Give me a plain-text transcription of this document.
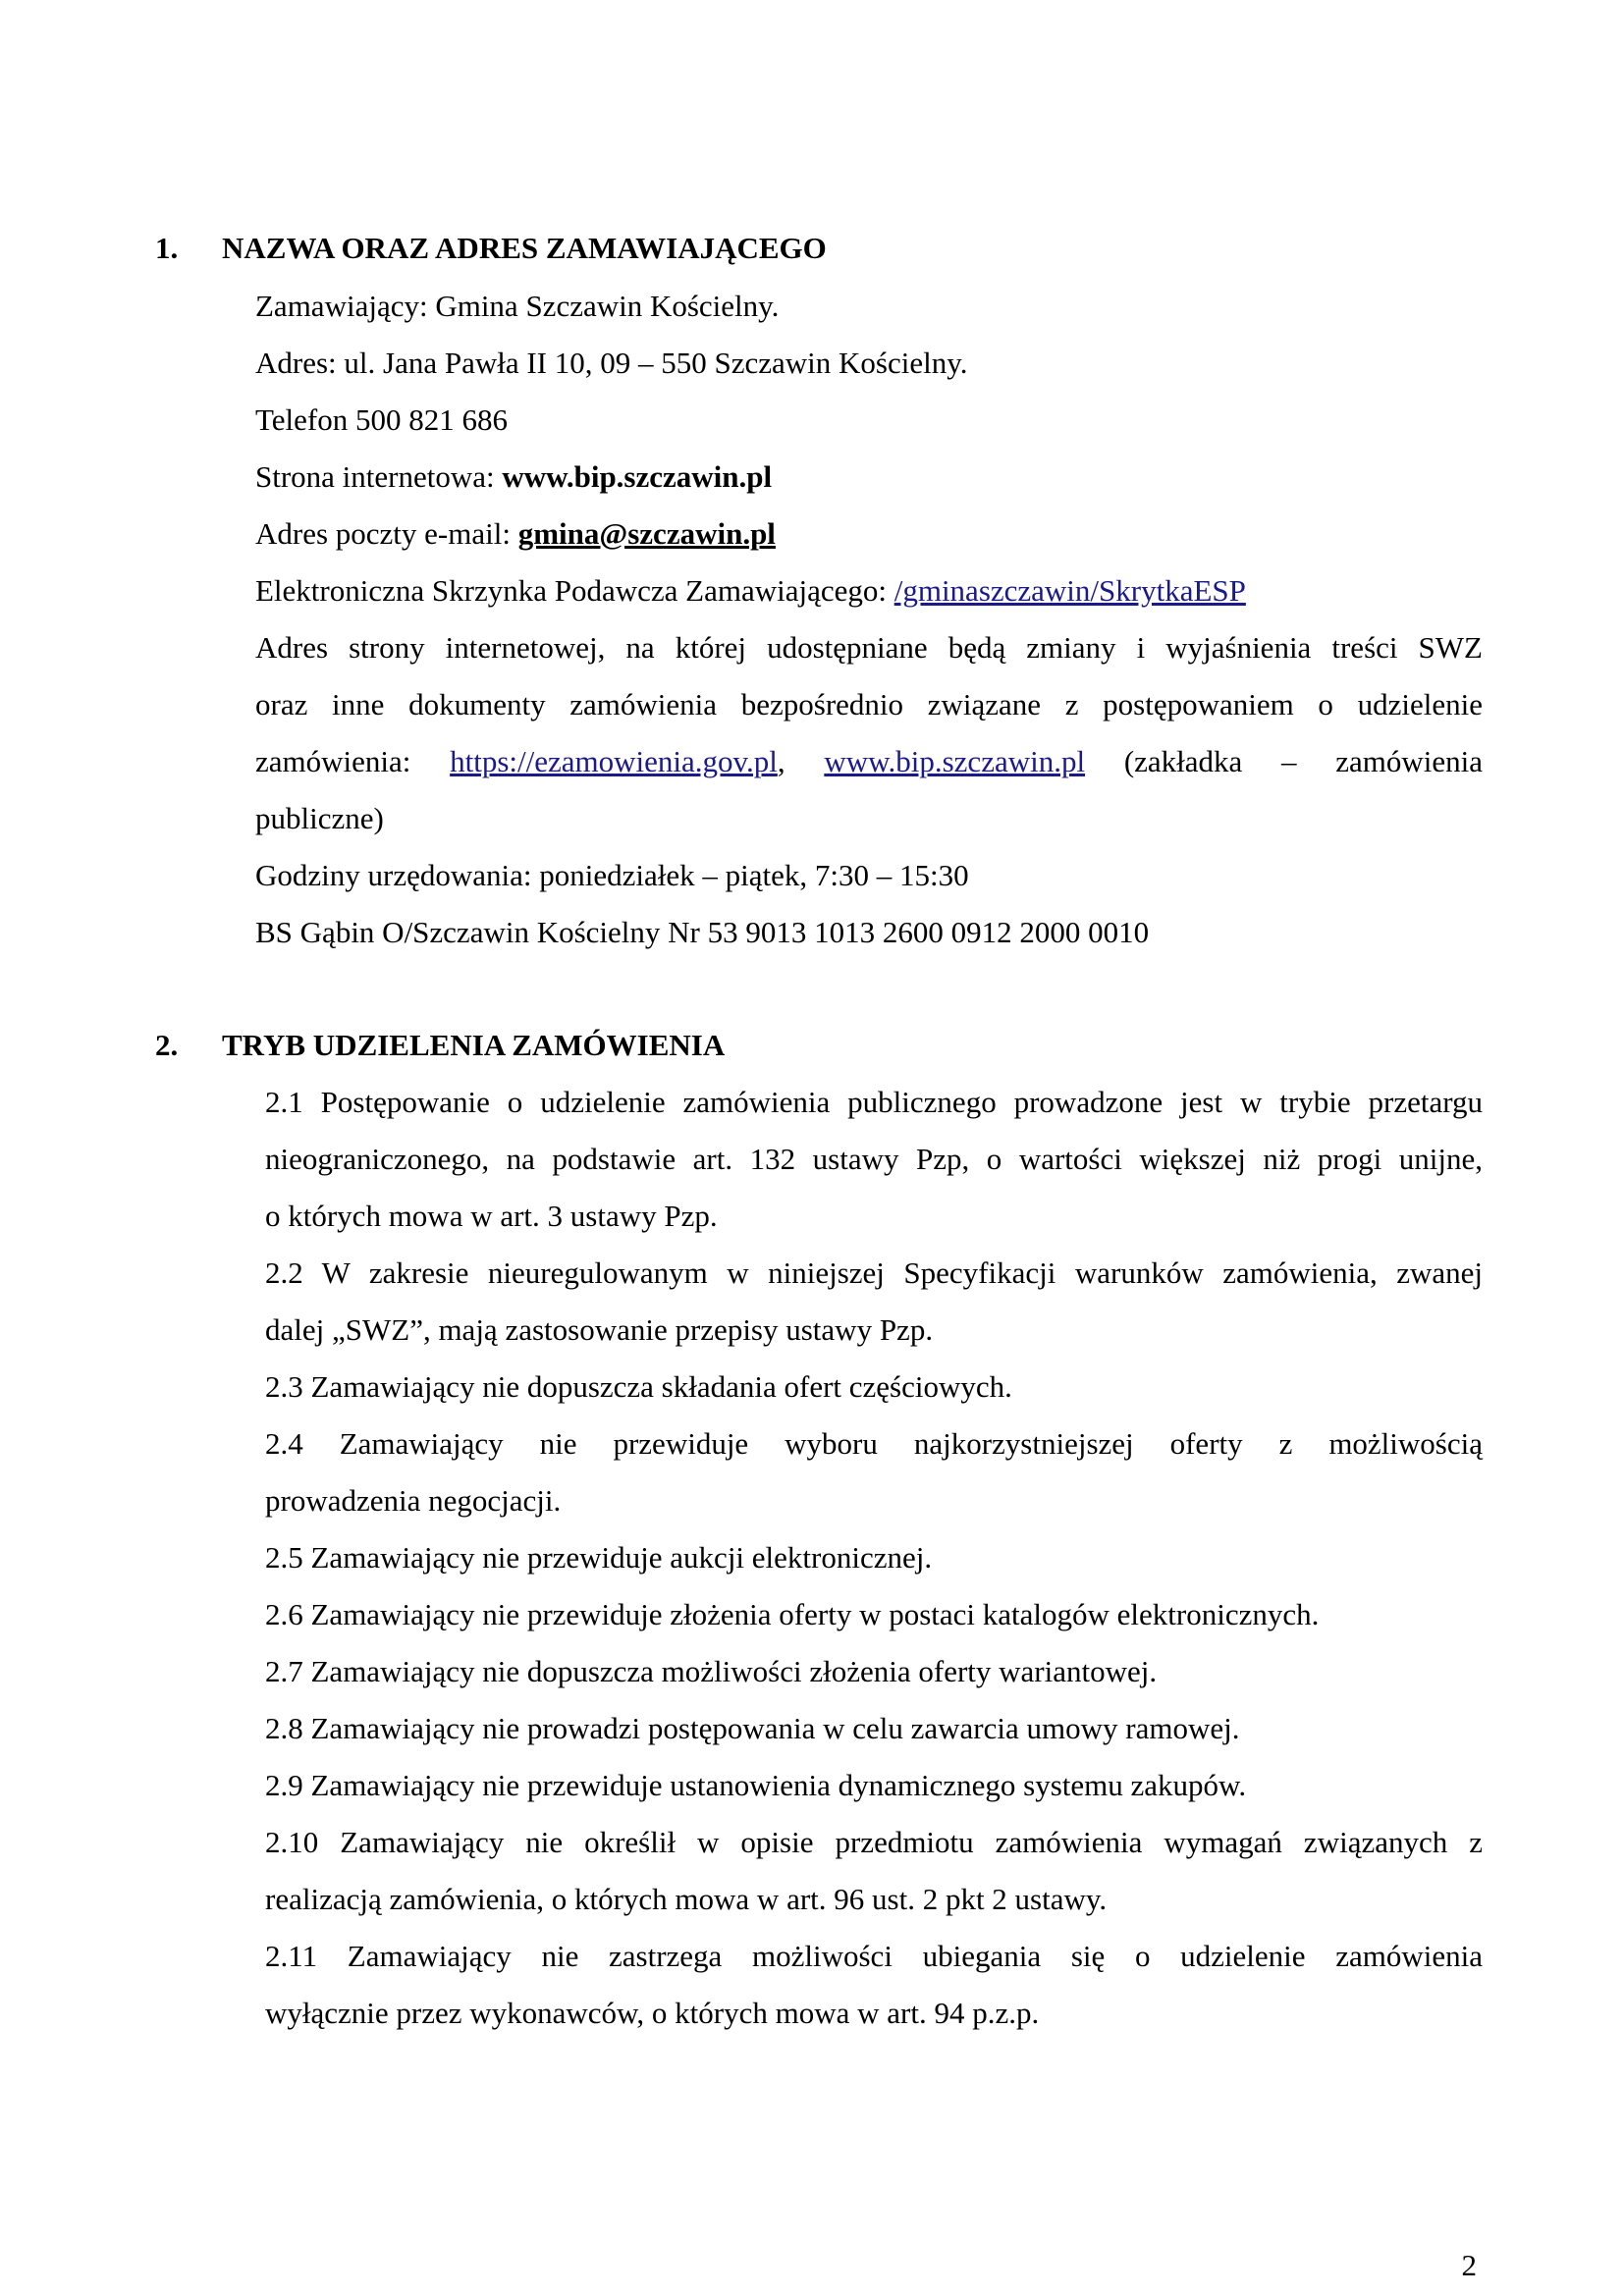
1. NAZWA ORAZ ADRES ZAMAWIAJĄCEGO
Zamawiający: Gmina Szczawin Kościelny.
Adres: ul. Jana Pawła II 10, 09 – 550 Szczawin Kościelny.
Telefon 500 821 686
Strona internetowa: www.bip.szczawin.pl
Adres poczty e-mail: gmina@szczawin.pl
Elektroniczna Skrzynka Podawcza Zamawiającego: /gminaszczawin/SkrytkaESP
Adres strony internetowej, na której udostępniane będą zmiany i wyjaśnienia treści SWZ
oraz inne dokumenty zamówienia bezpośrednio związane z postępowaniem o udzielenie
zamówienia: https://ezamowienia.gov.pl, www.bip.szczawin.pl (zakładka – zamówienia
publiczne)
Godziny urzędowania: poniedziałek – piątek, 7:30 – 15:30
BS Gąbin O/Szczawin Kościelny Nr 53 9013 1013 2600 0912 2000 0010
2. TRYB UDZIELENIA ZAMÓWIENIA
2.1 Postępowanie o udzielenie zamówienia publicznego prowadzone jest w trybie przetargu
nieograniczonego, na podstawie art. 132 ustawy Pzp, o wartości większej niż progi unijne,
o których mowa w art. 3 ustawy Pzp.
2.2 W zakresie nieuregulowanym w niniejszej Specyfikacji warunków zamówienia, zwanej
dalej „SWZ”, mają zastosowanie przepisy ustawy Pzp.
2.3 Zamawiający nie dopuszcza składania ofert częściowych.
2.4 Zamawiający nie przewiduje wyboru najkorzystniejszej oferty z możliwością
prowadzenia negocjacji.
2.5 Zamawiający nie przewiduje aukcji elektronicznej.
2.6 Zamawiający nie przewiduje złożenia oferty w postaci katalogów elektronicznych.
2.7 Zamawiający nie dopuszcza możliwości złożenia oferty wariantowej.
2.8 Zamawiający nie prowadzi postępowania w celu zawarcia umowy ramowej.
2.9 Zamawiający nie przewiduje ustanowienia dynamicznego systemu zakupów.
2.10 Zamawiający nie określił w opisie przedmiotu zamówienia wymagań związanych z
realizacją zamówienia, o których mowa w art. 96 ust. 2 pkt 2 ustawy.
2.11 Zamawiający nie zastrzega możliwości ubiegania się o udzielenie zamówienia
wyłącznie przez wykonawców, o których mowa w art. 94 p.z.p.
2
